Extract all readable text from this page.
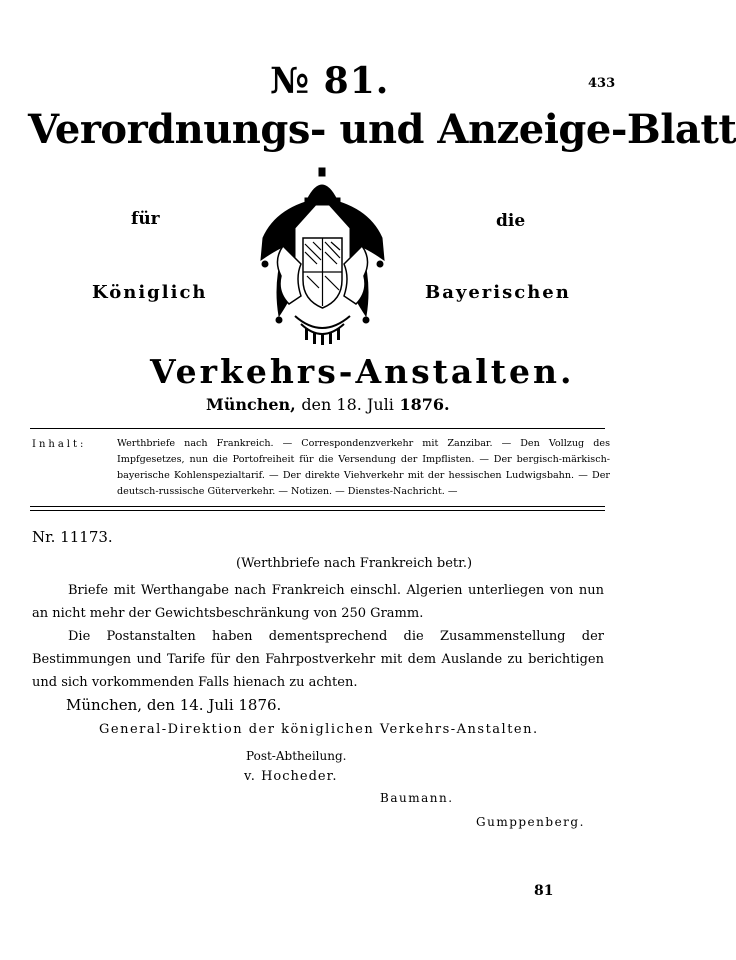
№ 81.	433
Verordnungs- und Anzeige-Blatt
für	die
Königlich	Bayerischen
Verkehrs-Anstalten.
München, den 18. Juli 1876.
Inhalt:	Werthbriefe nach Frankreich. — Correspondenzverkehr mit Zanzibar. — Den Vollzug des Impfgesetzes, nun die Portofreiheit für die Versendung der Impflisten. — Der bergisch-märkisch-bayerische Kohlenspezialtarif. — Der direkte Viehverkehr mit der hessischen Ludwigsbahn. — Der deutsch-russische Güterverkehr. — Notizen. — Dienstes-Nachricht. —
Nr. 11173.
(Werthbriefe nach Frankreich betr.)
Briefe mit Werthangabe nach Frankreich einschl. Algerien unterliegen von nun an nicht mehr der Gewichtsbeschränkung von 250 Gramm.
Die Postanstalten haben dementsprechend die Zusammenstellung der Bestimmungen und Tarife für den Fahrpostverkehr mit dem Auslande zu berichtigen und sich vorkommenden Falls hienach zu achten.
München, den 14. Juli 1876.
General-Direktion der königlichen Verkehrs-Anstalten.
Post-Abtheilung.
v. Hocheder.
Baumann.
Gumppenberg.
81
